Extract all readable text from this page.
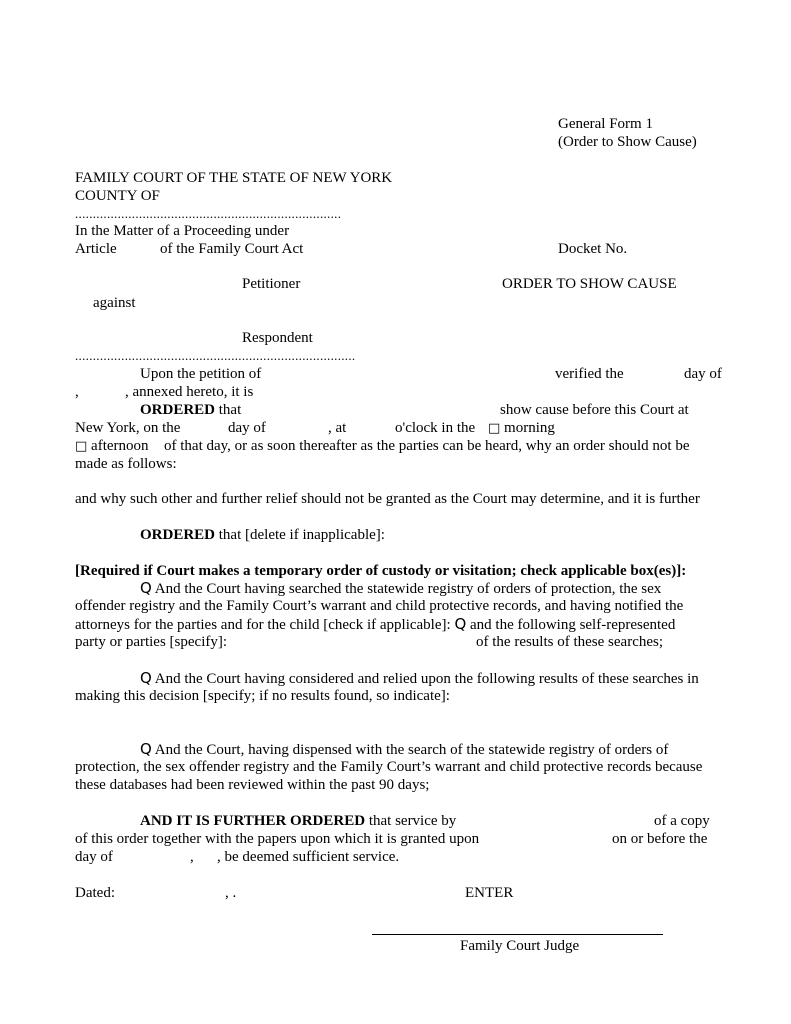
General Form 1
(Order to Show Cause)
FAMILY COURT OF THE STATE OF NEW YORK
COUNTY OF
...........................................................................
In the Matter of a Proceeding under
Article	of the Family Court Act	Docket No.
Petitioner	ORDER TO SHOW CAUSE
against
Respondent
...............................................................................
Upon the petition of	verified the	day of
,	, annexed hereto, it is
ORDERED that	show cause before this Court at
New York, on the	day of	, at	o'clock in the □ morning
□ afternoon of that day, or as soon thereafter as the parties can be heard, why an order should not be
made as follows:
and why such other and further relief should not be granted as the Court may determine, and it is further
ORDERED that [delete if inapplicable]:
[Required if Court makes a temporary order of custody or visitation; check applicable box(es)]:
Q And the Court having searched the statewide registry of orders of protection, the sex
offender registry and the Family Court’s warrant and child protective records, and having notified the
attorneys for the parties and for the child [check if applicable]: Q and the following self-represented
party or parties [specify]:	of the results of these searches;
Q And the Court having considered and relied upon the following results of these searches in
making this decision [specify; if no results found, so indicate]:
Q And the Court, having dispensed with the search of the statewide registry of orders of
protection, the sex offender registry and the Family Court’s warrant and child protective records because
these databases had been reviewed within the past 90 days;
AND IT IS FURTHER ORDERED that service by	of a copy
of this order together with the papers upon which it is granted upon	on or before the
day of	, , be deemed sufficient service.
Dated:	, .	ENTER
Family Court Judge
